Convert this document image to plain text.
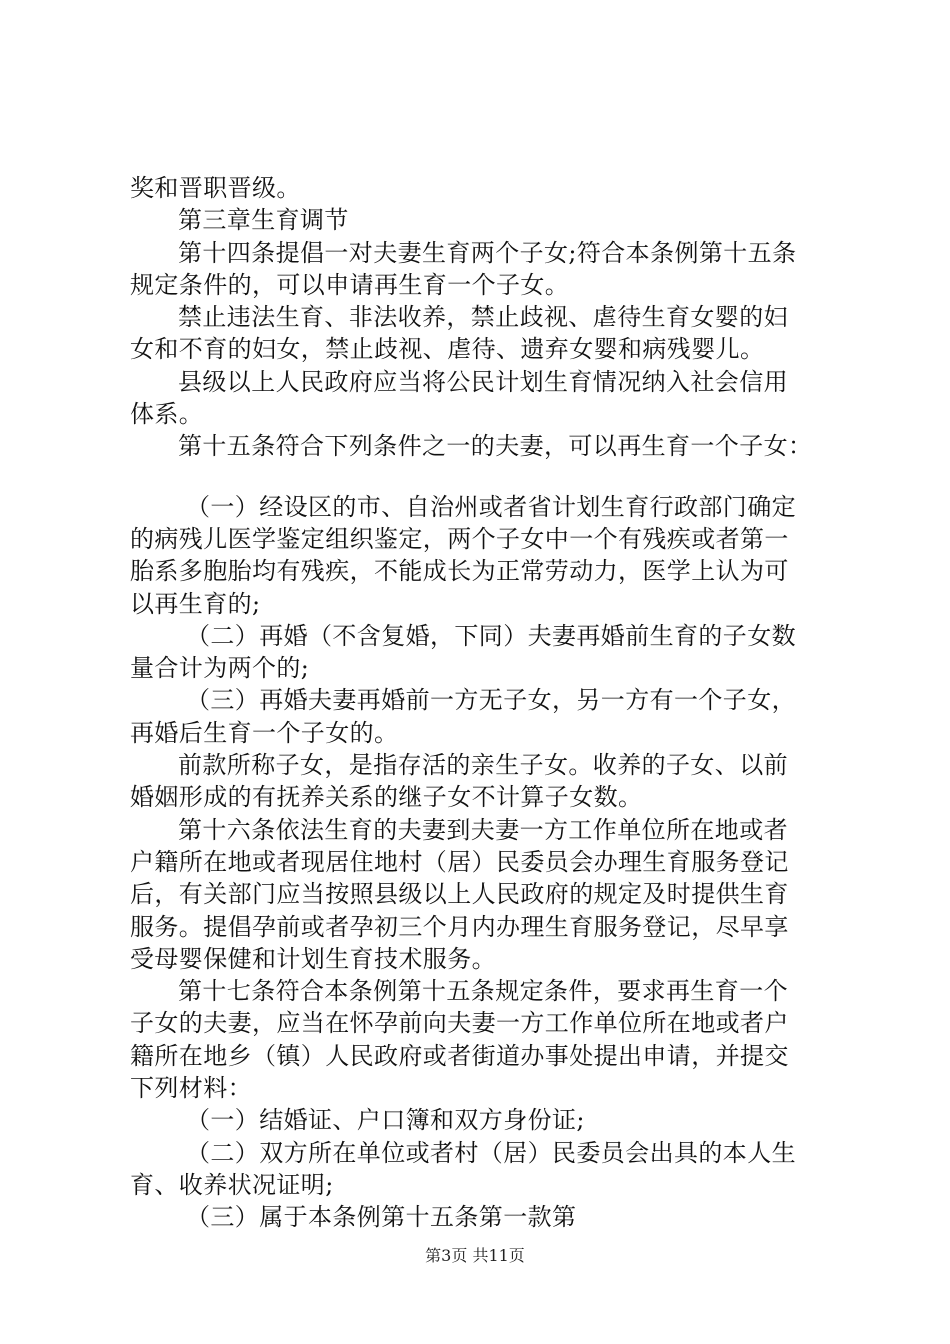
奖和晋职晋级。
第三章生育调节
第十四条提倡一对夫妻生育两个子女;符合本条例第十五条
规定条件的，可以申请再生育一个子女。
禁止违法生育、非法收养，禁止歧视、虐待生育女婴的妇
女和不育的妇女，禁止歧视、虐待、遗弃女婴和病残婴儿。
县级以上人民政府应当将公民计划生育情况纳入社会信用
体系。
第十五条符合下列条件之一的夫妻，可以再生育一个子女：
（一）经设区的市、自治州或者省计划生育行政部门确定
的病残儿医学鉴定组织鉴定，两个子女中一个有残疾或者第一
胎系多胞胎均有残疾，不能成长为正常劳动力，医学上认为可
以再生育的;
（二）再婚（不含复婚，下同）夫妻再婚前生育的子女数
量合计为两个的;
（三）再婚夫妻再婚前一方无子女，另一方有一个子女，
再婚后生育一个子女的。
前款所称子女，是指存活的亲生子女。收养的子女、以前
婚姻形成的有抚养关系的继子女不计算子女数。
第十六条依法生育的夫妻到夫妻一方工作单位所在地或者
户籍所在地或者现居住地村（居）民委员会办理生育服务登记
后，有关部门应当按照县级以上人民政府的规定及时提供生育
服务。提倡孕前或者孕初三个月内办理生育服务登记，尽早享
受母婴保健和计划生育技术服务。
第十七条符合本条例第十五条规定条件，要求再生育一个
子女的夫妻，应当在怀孕前向夫妻一方工作单位所在地或者户
籍所在地乡（镇）人民政府或者街道办事处提出申请，并提交
下列材料：
（一）结婚证、户口簿和双方身份证;
（二）双方所在单位或者村（居）民委员会出具的本人生
育、收养状况证明;
（三）属于本条例第十五条第一款第
第3页 共11页
